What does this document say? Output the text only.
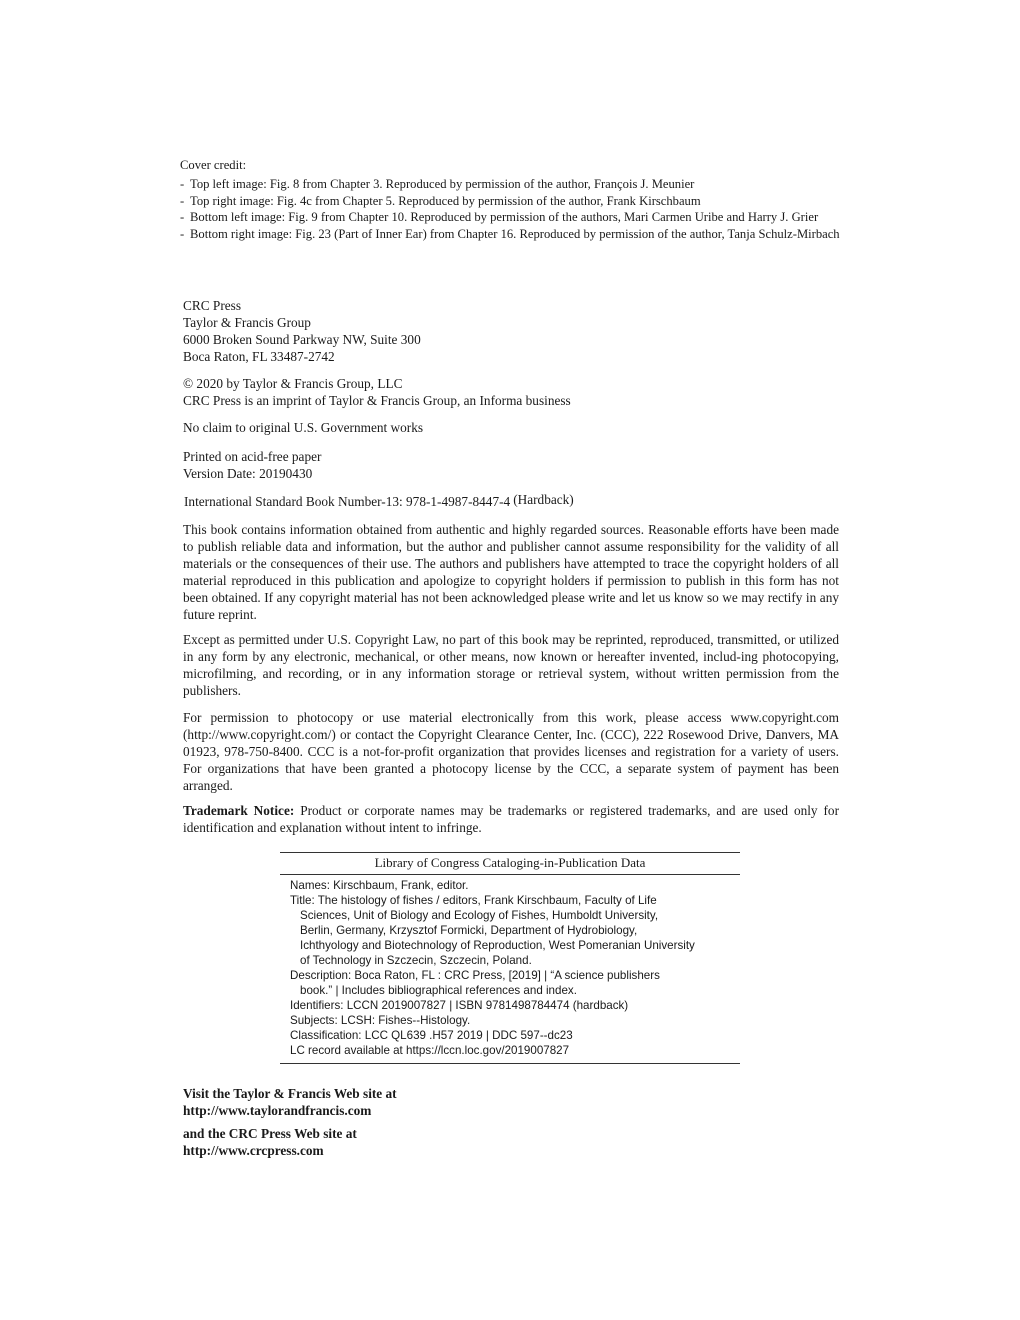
Cover credit:
- Top left image: Fig. 8 from Chapter 3. Reproduced by permission of the author, François J. Meunier
- Top right image: Fig. 4c from Chapter 5. Reproduced by permission of the author, Frank Kirschbaum
- Bottom left image: Fig. 9 from Chapter 10. Reproduced by permission of the authors, Mari Carmen Uribe and Harry J. Grier
- Bottom right image: Fig. 23 (Part of Inner Ear) from Chapter 16. Reproduced by permission of the author, Tanja Schulz-Mirbach

CRC Press

Taylor & Francis Group

6000 Broken Sound Parkway NW, Suite 300

Boca Raton, FL 33487-2742

© 2020 by Taylor & Francis Group, LLC

CRC Press is an imprint of Taylor & Francis Group, an Informa business

No claim to original U.S. Government works

Printed on acid-free paper

Version Date: 20190430

International Standard Book Number-13: 978-1-4987-8447-4 (Hardback)

This book contains information obtained from authentic and highly regarded sources. Reasonable efforts have been made to publish reliable data and information, but the author and publisher cannot assume responsibility for the validity of all materials or the consequences of their use. The authors and publishers have attempted to trace the copyright holders of all material reproduced in this publication and apologize to copyright holders if permission to publish in this form has not been obtained. If any copyright material has not been acknowledged please write and let us know so we may rectify in any future reprint.

Except as permitted under U.S. Copyright Law, no part of this book may be reprinted, reproduced, transmitted, or utilized in any form by any electronic, mechanical, or other means, now known or hereafter invented, includ-ing photocopying, microfilming, and recording, or in any information storage or retrieval system, without written permission from the publishers.

For permission to photocopy or use material electronically from this work, please access www.copyright.com (http://www.copyright.com/) or contact the Copyright Clearance Center, Inc. (CCC), 222 Rosewood Drive, Danvers, MA 01923, 978-750-8400. CCC is a not-for-profit organization that provides licenses and registration for a variety of users. For organizations that have been granted a photocopy license by the CCC, a separate system of payment has been arranged.

Trademark Notice: Product or corporate names may be trademarks or registered trademarks, and are used only for identification and explanation without intent to infringe.

Library of Congress Cataloging-in-Publication Data
Names: Kirschbaum, Frank, editor.
Title: The histology of fishes / editors, Frank Kirschbaum, Faculty of Life
Sciences, Unit of Biology and Ecology of Fishes, Humboldt University,
Berlin, Germany, Krzysztof Formicki, Department of Hydrobiology,
Ichthyology and Biotechnology of Reproduction, West Pomeranian University
of Technology in Szczecin, Szczecin, Poland.
Description: Boca Raton, FL : CRC Press, [2019] | “A science publishers
book.” | Includes bibliographical references and index.
Identifiers: LCCN 2019007827 | ISBN 9781498784474 (hardback)
Subjects: LCSH: Fishes--Histology.
Classification: LCC QL639 .H57 2019 | DDC 597--dc23
LC record available at https://lccn.loc.gov/2019007827

Visit the Taylor & Francis Web site at

http://www.taylorandfrancis.com

and the CRC Press Web site at

http://www.crcpress.com
